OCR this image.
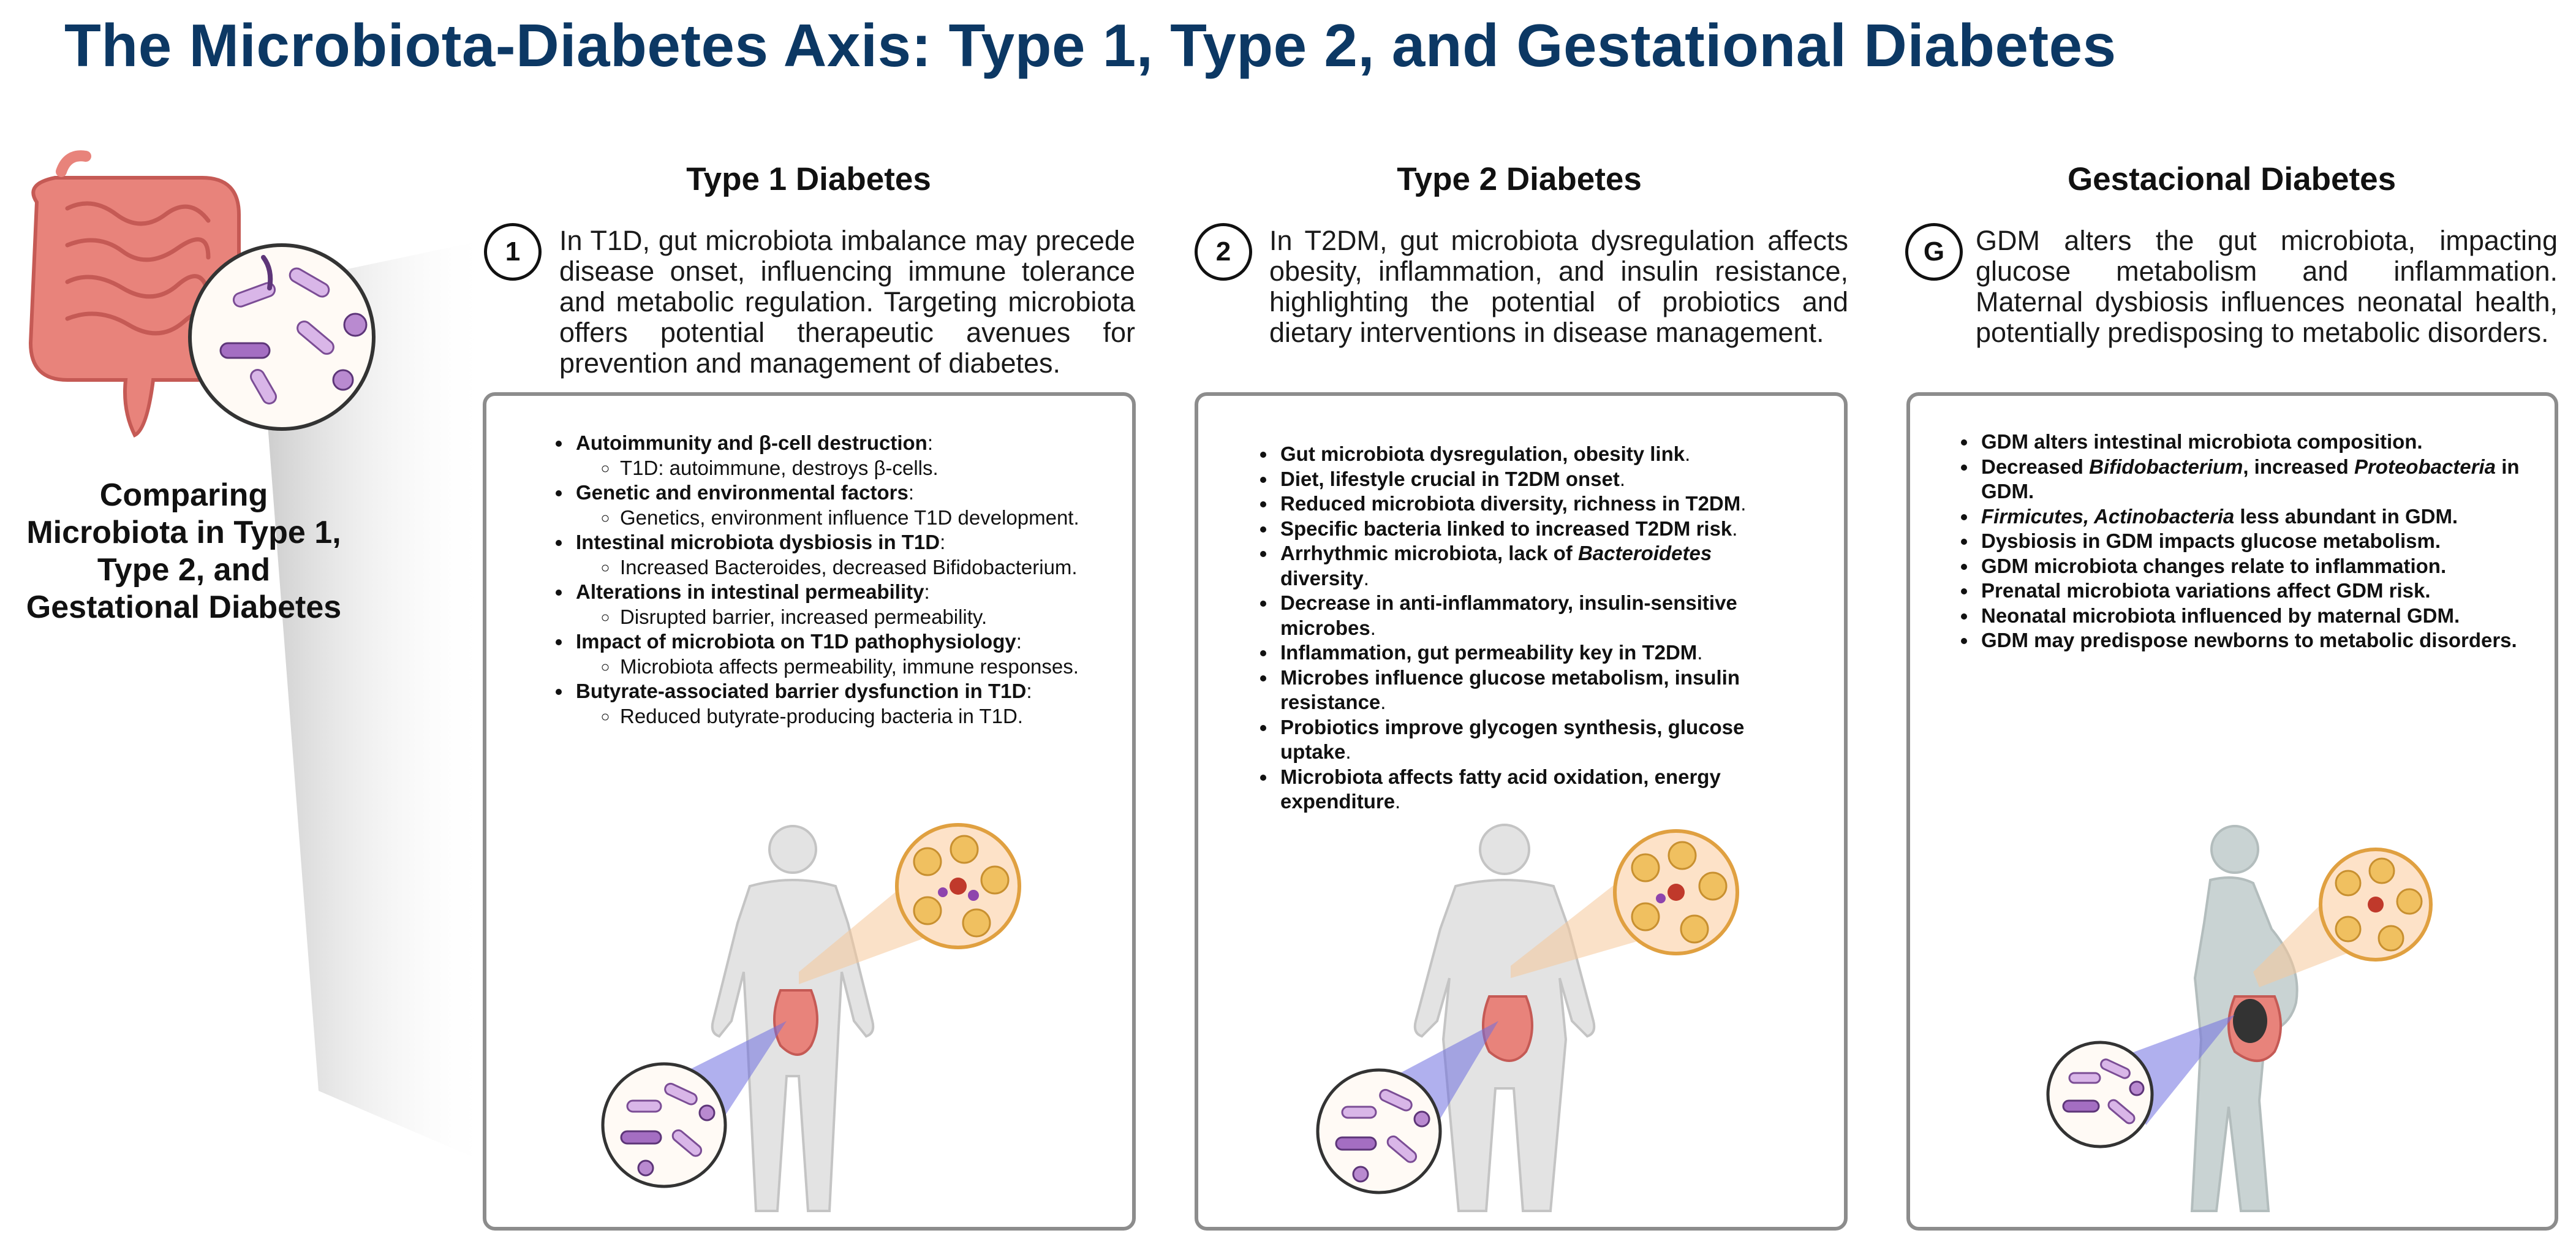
The Microbiota-Diabetes Axis: Type 1, Type 2, and Gestational Diabetes
Comparing Microbiota in Type 1, Type 2, and Gestational Diabetes
Type 1 Diabetes
1	In T1D, gut microbiota imbalance may precede disease onset, influencing immune tolerance and metabolic regulation. Targeting microbiota offers potential therapeutic avenues for prevention and management of diabetes.
• Autoimmunity and β-cell destruction:
◦ T1D: autoimmune, destroys β-cells.
• Genetic and environmental factors:
◦ Genetics, environment influence T1D development.
• Intestinal microbiota dysbiosis in T1D:
◦ Increased Bacteroides, decreased Bifidobacterium.
• Alterations in intestinal permeability:
◦ Disrupted barrier, increased permeability.
• Impact of microbiota on T1D pathophysiology:
◦ Microbiota affects permeability, immune responses.
• Butyrate-associated barrier dysfunction in T1D:
◦ Reduced butyrate-producing bacteria in T1D.
Type 2 Diabetes
2	In T2DM, gut microbiota dysregulation affects obesity, inflammation, and insulin resistance, highlighting the potential of probiotics and dietary interventions in disease management.
• Gut microbiota dysregulation, obesity link.
• Diet, lifestyle crucial in T2DM onset.
• Reduced microbiota diversity, richness in T2DM.
• Specific bacteria linked to increased T2DM risk.
• Arrhythmic microbiota, lack of Bacteroidetes diversity.
• Decrease in anti-inflammatory, insulin-sensitive microbes.
• Inflammation, gut permeability key in T2DM.
• Microbes influence glucose metabolism, insulin resistance.
• Probiotics improve glycogen synthesis, glucose uptake.
• Microbiota affects fatty acid oxidation, energy expenditure.
Gestacional Diabetes
G	GDM alters the gut microbiota, impacting glucose metabolism and inflammation. Maternal dysbiosis influences neonatal health, potentially predisposing to metabolic disorders.
• GDM alters intestinal microbiota composition.
• Decreased Bifidobacterium, increased Proteobacteria in GDM.
• Firmicutes, Actinobacteria less abundant in GDM.
• Dysbiosis in GDM impacts glucose metabolism.
• GDM microbiota changes relate to inflammation.
• Prenatal microbiota variations affect GDM risk.
• Neonatal microbiota influenced by maternal GDM.
• GDM may predispose newborns to metabolic disorders.
